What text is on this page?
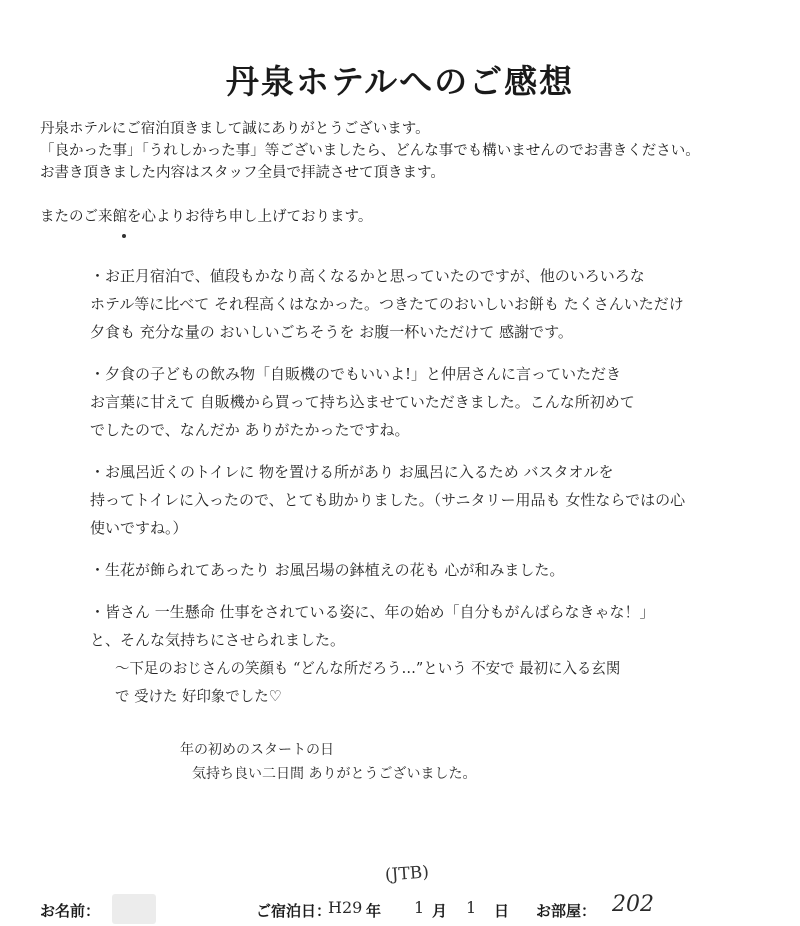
丹泉ホテルへのご感想

丹泉ホテルにご宿泊頂きまして誠にありがとうございます。

「良かった事」「うれしかった事」等ございましたら、どんな事でも構いませんのでお書きください。

お書き頂きました内容はスタッフ全員で拝読させて頂きます。

またのご来館を心よりお待ち申し上げております。

・お正月宿泊で、値段もかなり高くなるかと思っていたのですが、他のいろいろな
ホテル等に比べて それ程高くはなかった。つきたてのおいしいお餅も たくさんいただけ
夕食も 充分な量の おいしいごちそうを お腹一杯いただけて 感謝です。
・夕食の子どもの飲み物「自販機のでもいいよ!」と仲居さんに言っていただき
お言葉に甘えて 自販機から買って持ち込ませていただきました。こんな所初めて
でしたので、なんだか ありがたかったですね。
・お風呂近くのトイレに 物を置ける所があり お風呂に入るため バスタオルを
持ってトイレに入ったので、とても助かりました。（サニタリー用品も 女性ならではの心
使いですね。）
・生花が飾られてあったり お風呂場の鉢植えの花も 心が和みました。
・皆さん 一生懸命 仕事をされている姿に、年の始め「自分もがんばらなきゃな！」
と、そんな気持ちにさせられました。
～下足のおじさんの笑顔も “どんな所だろう…”という 不安で 最初に入る玄関
で 受けた 好印象でした♡
年の初めのスタートの日
気持ち良い二日間 ありがとうございました。
(JTB)
お名前：	ご宿泊日：
H29 年 1 月 1 日 お部屋： 202
